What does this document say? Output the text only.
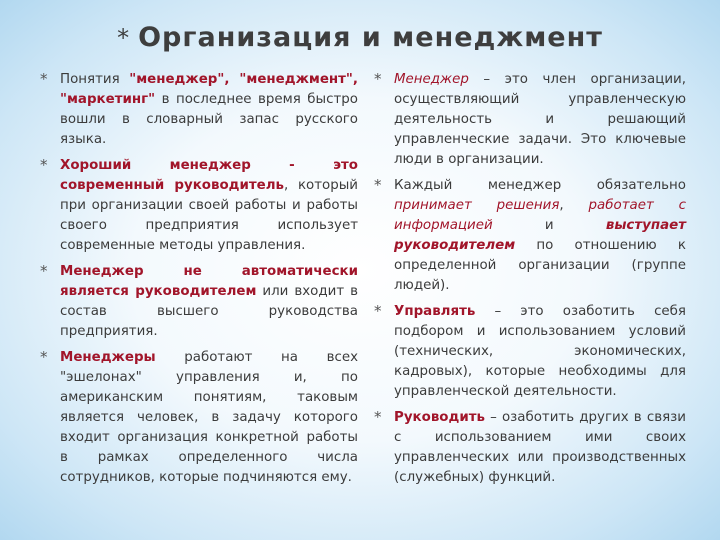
* Организация и менеджмент
* Понятия "менеджер", "менеджмент", "маркетинг" в последнее время быстро вошли в словарный запас русского языка.
* Хороший менеджер - это современный руководитель, который при организации своей работы и работы своего предприятия использует современные методы управления.
* Менеджер не автоматически является руководителем или входит в состав высшего руководства предприятия.
* Менеджеры работают на всех "эшелонах" управления и, по американским понятиям, таковым является человек, в задачу которого входит организация конкретной работы в рамках определенного числа сотрудников, которые подчиняются ему.
* Менеджер – это член организации, осуществляющий управленческую деятельность и решающий управленческие задачи. Это ключевые люди в организации.
* Каждый менеджер обязательно принимает решения, работает с информацией и выступает руководителем по отношению к определенной организации (группе людей).
* Управлять – это озаботить себя подбором и использованием условий (технических, экономических, кадровых), которые необходимы для управленческой деятельности.
* Руководить – озаботить других в связи с использованием ими своих управленческих или производственных (служебных) функций.
